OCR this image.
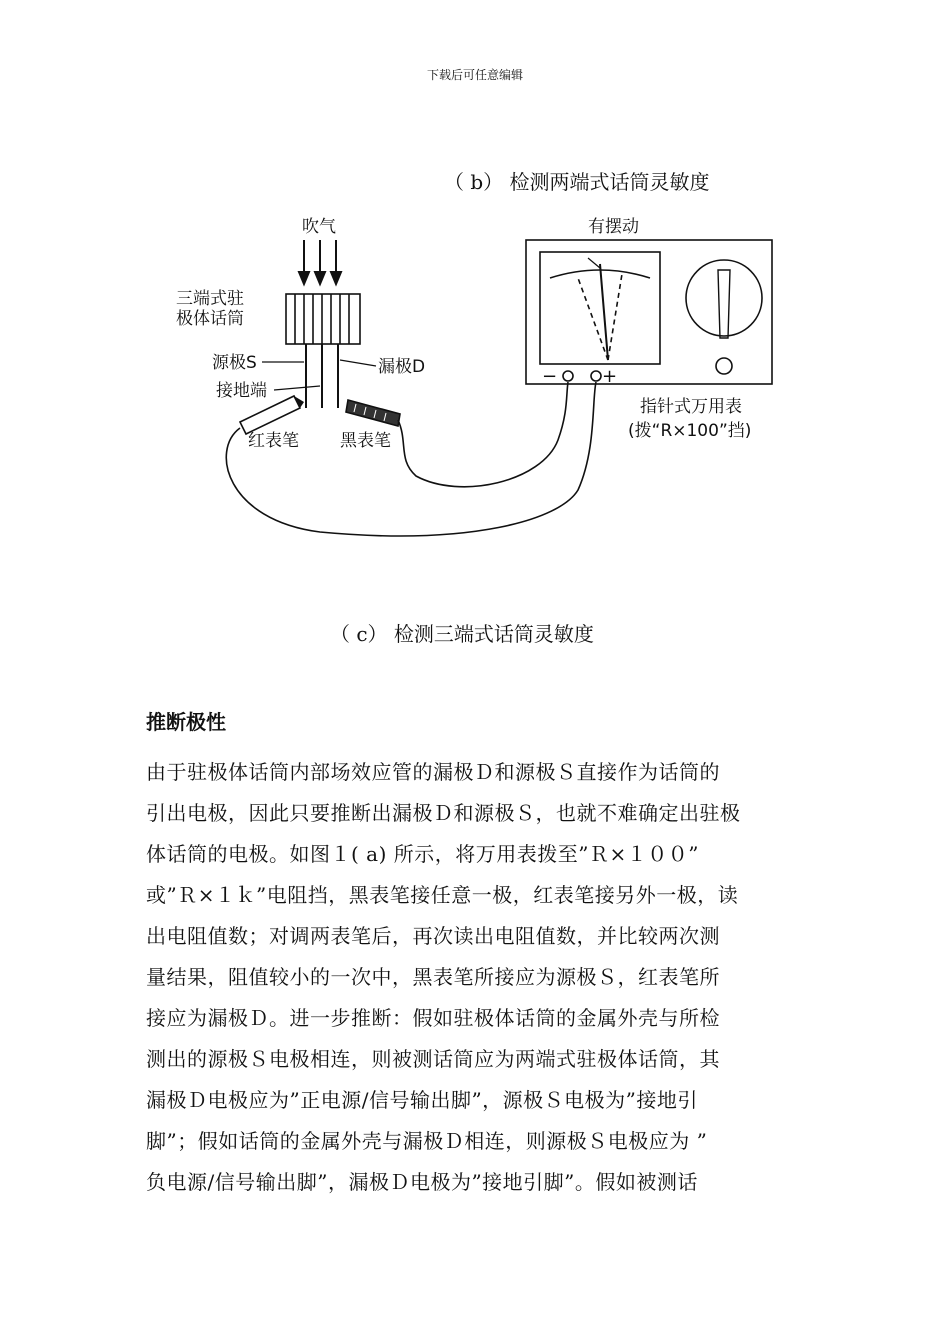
下载后可任意编辑
（ b） 检测两端式话筒灵敏度
吹气
三端式驻
极体话筒
源极S	漏极D
接地端
红表笔 黑表笔
有摆动
− +
指针式万用表
(拨“R×100”挡)
（ c） 检测三端式话筒灵敏度
推断极性
由于驻极体话筒内部场效应管的漏极Ｄ和源极Ｓ直接作为话筒的
引出电极，因此只要推断出漏极Ｄ和源极Ｓ，也就不难确定出驻极
体话筒的电极。如图１( a) 所示，将万用表拨至”Ｒ×１００”
或”Ｒ×１ｋ”电阻挡，黑表笔接任意一极，红表笔接另外一极，读
出电阻值数；对调两表笔后，再次读出电阻值数，并比较两次测
量结果，阻值较小的一次中，黑表笔所接应为源极Ｓ，红表笔所
接应为漏极Ｄ。进一步推断：假如驻极体话筒的金属外壳与所检
测出的源极Ｓ电极相连，则被测话筒应为两端式驻极体话筒，其
漏极Ｄ电极应为”正电源/信号输出脚”，源极Ｓ电极为”接地引
脚”；假如话筒的金属外壳与漏极Ｄ相连，则源极Ｓ电极应为 ”
负电源/信号输出脚”，漏极Ｄ电极为”接地引脚”。假如被测话
